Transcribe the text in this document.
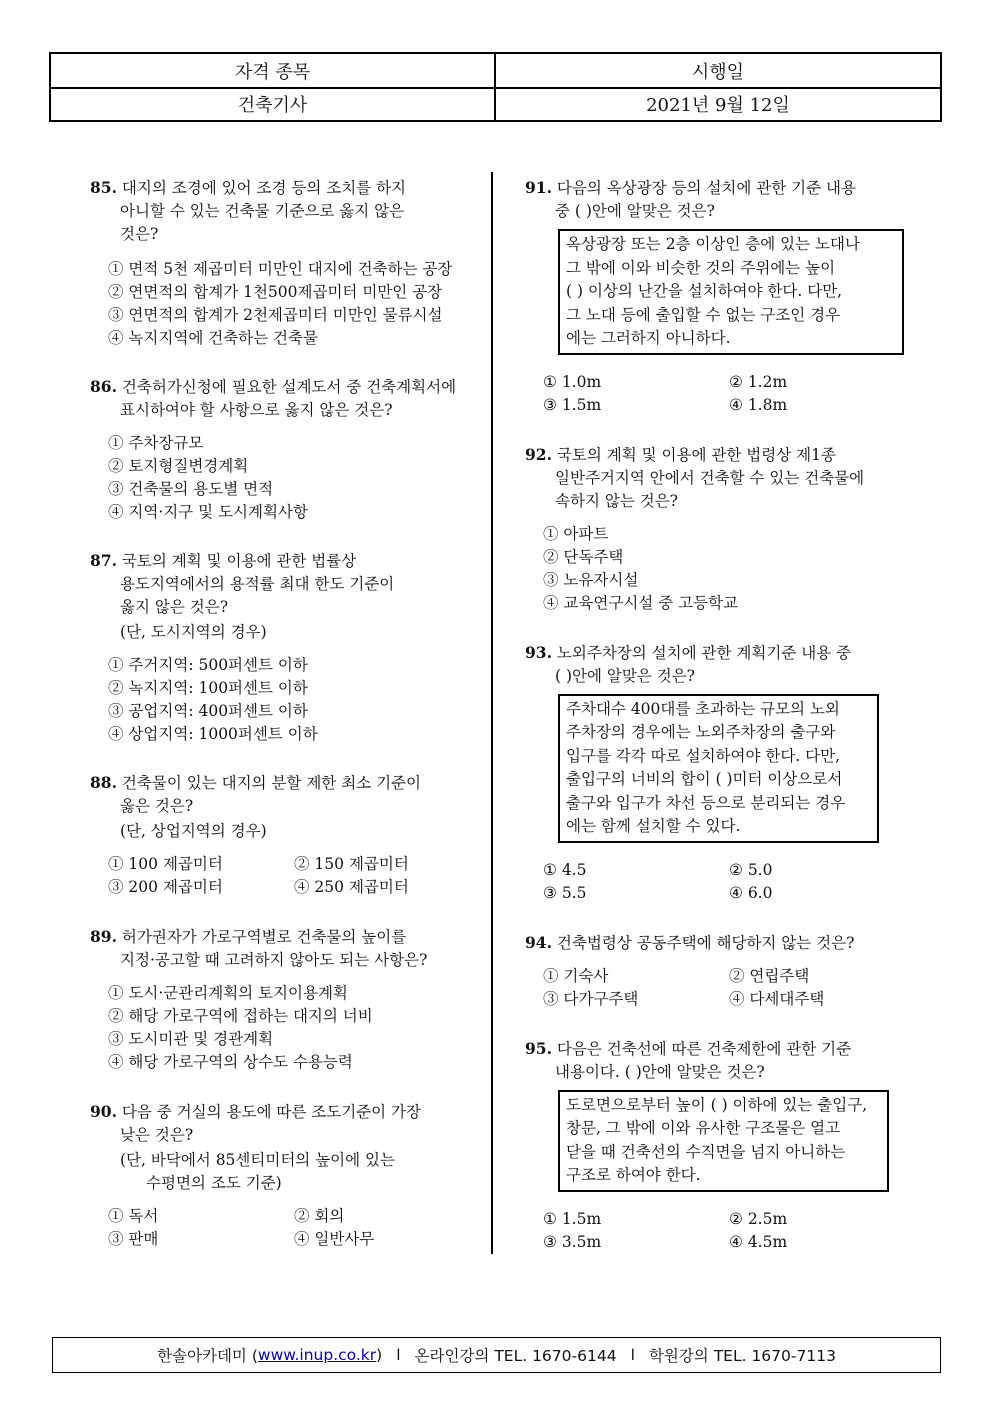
자격 종목	시행일
건축기사	2021년 9월 12일
85. 대지의 조경에 있어 조경 등의 조치를 하지
아니할 수 있는 건축물 기준으로 옳지 않은
것은?
① 면적 5천 제곱미터 미만인 대지에 건축하는 공장
② 연면적의 합계가 1천500제곱미터 미만인 공장
③ 연면적의 합계가 2천제곱미터 미만인 물류시설
④ 녹지지역에 건축하는 건축물
86. 건축허가신청에 필요한 설계도서 중 건축계획서에
표시하여야 할 사항으로 옳지 않은 것은?
① 주차장규모
② 토지형질변경계획
③ 건축물의 용도별 면적
④ 지역·지구 및 도시계획사항
87. 국토의 계획 및 이용에 관한 법률상
용도지역에서의 용적률 최대 한도 기준이
옳지 않은 것은?
(단, 도시지역의 경우)
① 주거지역: 500퍼센트 이하
② 녹지지역: 100퍼센트 이하
③ 공업지역: 400퍼센트 이하
④ 상업지역: 1000퍼센트 이하
88. 건축물이 있는 대지의 분할 제한 최소 기준이
옳은 것은?
(단, 상업지역의 경우)
① 100 제곱미터	② 150 제곱미터
③ 200 제곱미터	④ 250 제곱미터
89. 허가권자가 가로구역별로 건축물의 높이를
지정·공고할 때 고려하지 않아도 되는 사항은?
① 도시·군관리계획의 토지이용계획
② 해당 가로구역에 접하는 대지의 너비
③ 도시미관 및 경관계획
④ 해당 가로구역의 상수도 수용능력
90. 다음 중 거실의 용도에 따른 조도기준이 가장
낮은 것은?
(단, 바닥에서 85센티미터의 높이에 있는
수평면의 조도 기준)
① 독서	② 회의
③ 판매	④ 일반사무
91. 다음의 옥상광장 등의 설치에 관한 기준 내용
중 ( )안에 알맞은 것은?
옥상광장 또는 2층 이상인 층에 있는 노대나
그 밖에 이와 비슷한 것의 주위에는 높이
( ) 이상의 난간을 설치하여야 한다. 다만,
그 노대 등에 출입할 수 없는 구조인 경우
에는 그러하지 아니하다.
① 1.0m	② 1.2m
③ 1.5m	④ 1.8m
92. 국토의 계획 및 이용에 관한 법령상 제1종
일반주거지역 안에서 건축할 수 있는 건축물에
속하지 않는 것은?
① 아파트
② 단독주택
③ 노유자시설
④ 교육연구시설 중 고등학교
93. 노외주차장의 설치에 관한 계획기준 내용 중
( )안에 알맞은 것은?
주차대수 400대를 초과하는 규모의 노외
주차장의 경우에는 노외주차장의 출구와
입구를 각각 따로 설치하여야 한다. 다만,
출입구의 너비의 합이 ( )미터 이상으로서
출구와 입구가 차선 등으로 분리되는 경우
에는 함께 설치할 수 있다.
① 4.5	② 5.0
③ 5.5	④ 6.0
94. 건축법령상 공동주택에 해당하지 않는 것은?
① 기숙사	② 연립주택
③ 다가구주택	④ 다세대주택
95. 다음은 건축선에 따른 건축제한에 관한 기준
내용이다. ( )안에 알맞은 것은?
도로면으로부터 높이 ( ) 이하에 있는 출입구,
창문, 그 밖에 이와 유사한 구조물은 열고
닫을 때 건축선의 수직면을 넘지 아니하는
구조로 하여야 한다.
① 1.5m	② 2.5m
③ 3.5m	④ 4.5m
한솔아카데미 ( www.inup.co.kr ) l 온라인강의 TEL. 1670-6144 l 학원강의 TEL. 1670-7113
